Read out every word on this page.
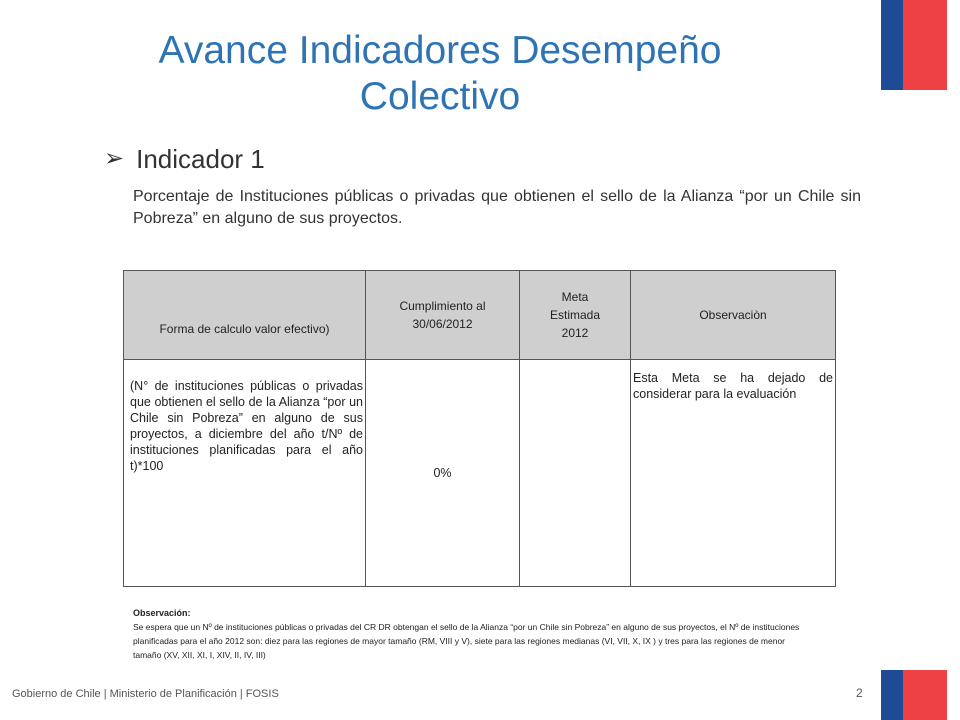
Avance Indicadores Desempeño
Colectivo
➢ Indicador 1
Porcentaje de Instituciones públicas o privadas que obtienen el sello de la Alianza “por un Chile sin Pobreza” en alguno de sus proyectos.
Forma de calculo valor efectivo)	Cumplimiento al 30/06/2012	Meta Estimada 2012	Observaciòn

(N° de instituciones públicas o privadas que obtienen el sello de la Alianza “por un Chile sin Pobreza” en alguno de sus proyectos, a diciembre del año t/Nº de instituciones planificadas para el año t)*100	0%		Esta Meta se ha dejado de considerar para la evaluación
Observación:
Se espera que un Nº de instituciones públicas o privadas del CR DR obtengan el sello de la Alianza “por un Chile sin Pobreza” en alguno de sus proyectos, el Nº de instituciones planificadas para el año 2012 son: diez para las regiones de mayor tamaño (RM, VIII y V), siete para las regiones medianas (VI, VII, X, IX ) y tres para las regiones de menor tamaño (XV, XII, XI, I, XIV, II, IV, III)
Gobierno de Chile | Ministerio de Planificación | FOSIS	2
